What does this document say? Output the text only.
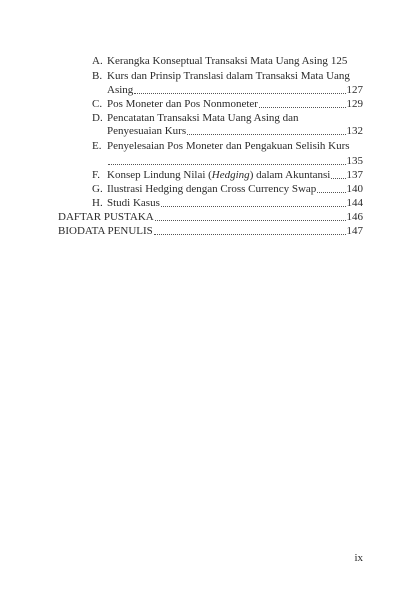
A. Kerangka Konseptual Transaksi Mata Uang Asing 125
B. Kurs dan Prinsip Translasi dalam Transaksi Mata Uang
Asing	127
C. Pos Moneter dan Pos Nonmoneter	129
D. Pencatatan Transaksi Mata Uang Asing dan
Penyesuaian Kurs	132
E. Penyelesaian Pos Moneter dan Pengakuan Selisih Kurs
135
F. Konsep Lindung Nilai ( Hedging ) dalam Akuntansi 137
G. Ilustrasi Hedging dengan Cross Currency Swap	140
H. Studi Kasus	144
DAFTAR PUSTAKA	146
BIODATA PENULIS	147
ix
